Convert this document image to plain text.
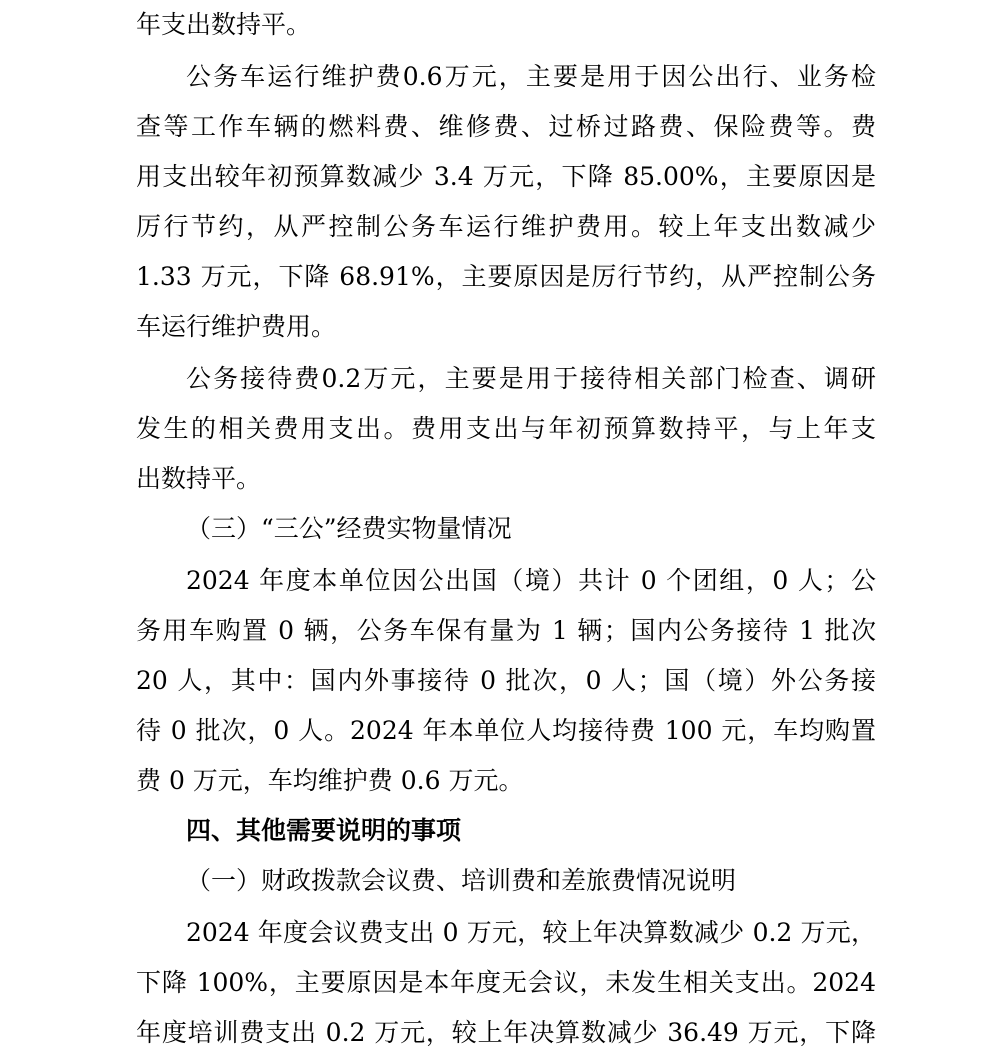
年支出数持平。
公务车运行维护费0.6万元，主要是用于因公出行、业务检
查等工作车辆的燃料费、维修费、过桥过路费、保险费等。费
用支出较年初预算数减少 3.4 万元，下降 85.00%，主要原因是
厉行节约，从严控制公务车运行维护费用。较上年支出数减少
1.33 万元，下降 68.91%，主要原因是厉行节约，从严控制公务
车运行维护费用。
公务接待费0.2万元，主要是用于接待相关部门检查、调研
发生的相关费用支出。费用支出与年初预算数持平，与上年支
出数持平。
（三）“三公”经费实物量情况
2024 年度本单位因公出国（境）共计 0 个团组，0 人；公
务用车购置 0 辆，公务车保有量为 1 辆；国内公务接待 1 批次
20 人，其中：国内外事接待 0 批次，0 人；国（境）外公务接
待 0 批次，0 人。2024 年本单位人均接待费 100 元，车均购置
费 0 万元，车均维护费 0.6 万元。
四、其他需要说明的事项
（一）财政拨款会议费、培训费和差旅费情况说明
2024 年度会议费支出 0 万元，较上年决算数减少 0.2 万元，
下降 100%，主要原因是本年度无会议，未发生相关支出。2024
年度培训费支出 0.2 万元，较上年决算数减少 36.49 万元，下降
